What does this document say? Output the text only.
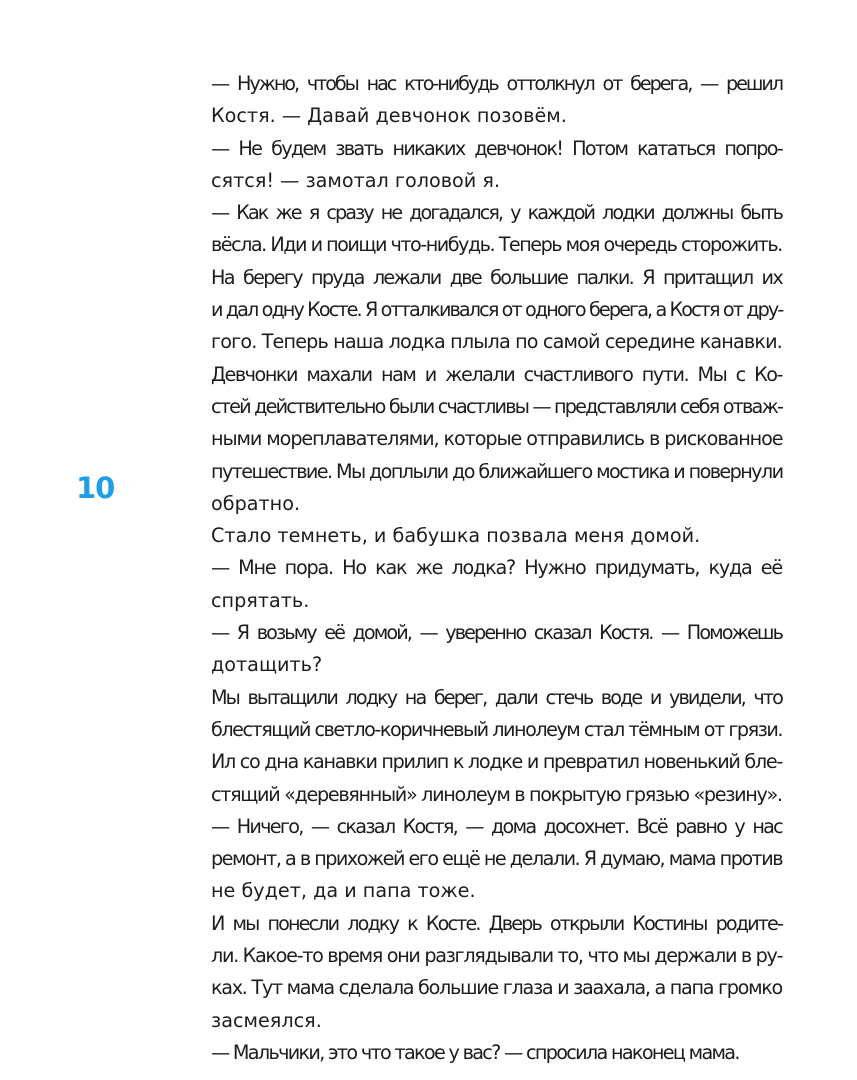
10

— Нужно, чтобы нас кто-нибудь оттолкнул от берега, — решил
Костя. — Давай девчонок позовём.

— Не будем звать никаких девчонок! Потом кататься попро-
сятся! — замотал головой я.

— Как же я сразу не догадался, у каждой лодки должны быть
вёсла. Иди и поищи что-нибудь. Теперь моя очередь сторожить.

На берегу пруда лежали две большие палки. Я притащил их
и дал одну Косте. Я отталкивался от одного берега, а Костя от дру-
гого. Теперь наша лодка плыла по самой середине канавки.

Девчонки махали нам и желали счастливого пути. Мы с Ко-
стей действительно были счастливы — представляли себя отваж-
ными мореплавателями, которые отправились в рискованное
путешествие. Мы доплыли до ближайшего мостика и повернули
обратно.

Стало темнеть, и бабушка позвала меня домой.

— Мне пора. Но как же лодка? Нужно придумать, куда её
спрятать.

— Я возьму её домой, — уверенно сказал Костя. — Поможешь
дотащить?

Мы вытащили лодку на берег, дали стечь воде и увидели, что
блестящий светло-коричневый линолеум стал тёмным от грязи.
Ил со дна канавки прилип к лодке и превратил новенький бле-
стящий «деревянный» линолеум в покрытую грязью «резину».

— Ничего, — сказал Костя, — дома досохнет. Всё равно у нас
ремонт, а в прихожей его ещё не делали. Я думаю, мама против
не будет, да и папа тоже.

И мы понесли лодку к Косте. Дверь открыли Костины родите-
ли. Какое-то время они разглядывали то, что мы держали в ру-
ках. Тут мама сделала большие глаза и заахала, а папа громко
засмеялся.

— Мальчики, это что такое у вас? — спросила наконец мама.
